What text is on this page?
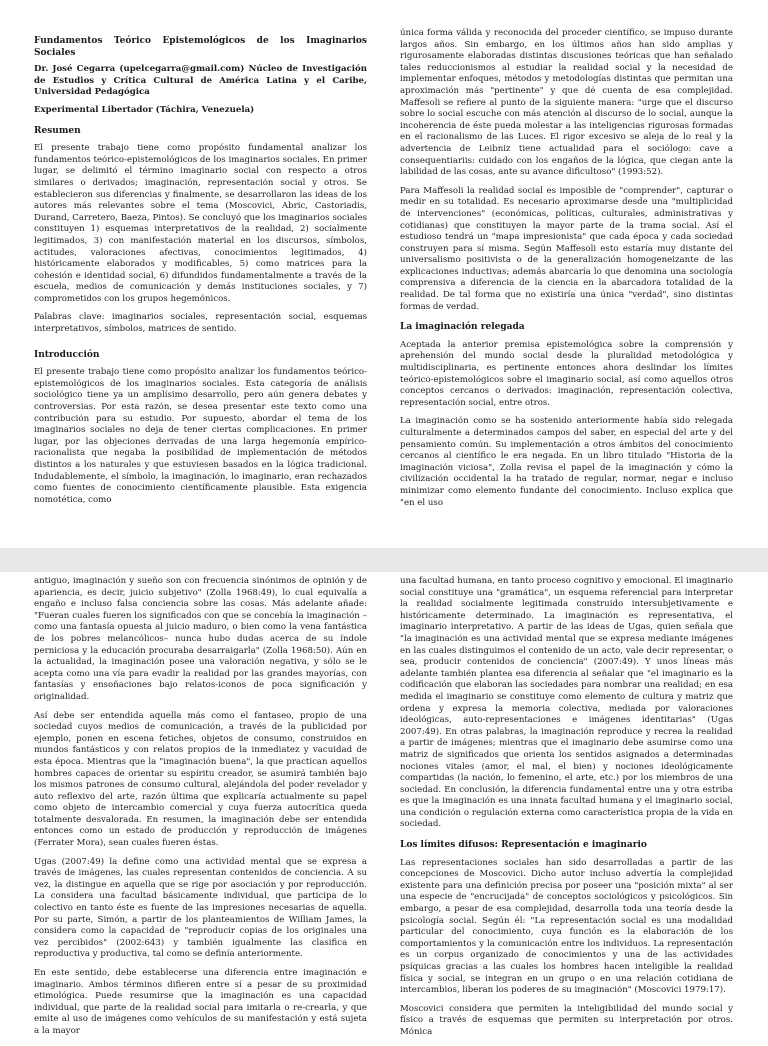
Fundamentos Teórico Epistemológicos de los Imaginarios Sociales

Dr. José Cegarra (upelcegarra@gmail.com) Núcleo de Investigación de Estudios y Crítica Cultural de América Latina y el Caribe, Universidad Pedagógica

Experimental Libertador (Táchira, Venezuela)

Resumen

El presente trabajo tiene como propósito fundamental analizar los fundamentos teórico-epistemológicos de los imaginarios sociales. En primer lugar, se delimitó el término imaginario social con respecto a otros similares o derivados; imaginación, representación social y otros. Se establecieron sus diferencias y finalmente, se desarrollaron las ideas de los autores más relevantes sobre el tema (Moscovici, Abric, Castoriadis, Durand, Carretero, Baeza, Pintos). Se concluyó que los imaginarios sociales constituyen 1) esquemas interpretativos de la realidad, 2) socialmente legitimados, 3) con manifestación material en los discursos, símbolos, actitudes, valoraciones afectivas, conocimientos legitimados, 4) históricamente elaborados y modificables, 5) como matrices para la cohesión e identidad social, 6) difundidos fundamentalmente a través de la escuela, medios de comunicación y demás instituciones sociales, y 7) comprometidos con los grupos hegemónicos.

Palabras clave: imaginarios sociales, representación social, esquemas interpretativos, símbolos, matrices de sentido.

Introducción

El presente trabajo tiene como propósito analizar los fundamentos teórico-epistemológicos de los imaginarios sociales. Esta categoría de análisis sociológico tiene ya un amplísimo desarrollo, pero aún genera debates y controversias. Por esta razón, se desea presentar este texto como una contribución para su estudio. Por supuesto, abordar el tema de los imaginarios sociales no deja de tener ciertas complicaciones. En primer lugar, por las objeciones derivadas de una larga hegemonía empírico-racionalista que negaba la posibilidad de implementación de métodos distintos a los naturales y que estuviesen basados en la lógica tradicional. Indudablemente, el símbolo, la imaginación, lo imaginario, eran rechazados como fuentes de conocimiento científicamente plausible. Esta exigencia nomotética, como

única forma válida y reconocida del proceder científico, se impuso durante largos años. Sin embargo, en los últimos años han sido amplias y rigurosamente elaboradas distintas discusiones teóricas que han señalado tales reduccionismos al estudiar la realidad social y la necesidad de implementar enfoques, métodos y metodologías distintas que permitan una aproximación más "pertinente" y que dé cuenta de esa complejidad. Maffesoli se refiere al punto de la siguiente manera: "urge que el discurso sobre lo social escuche con más atención al discurso de lo social, aunque la incoherencia de éste pueda molestar a las inteligencias rigurosas formadas en el racionalismo de las Luces. El rigor excesivo se aleja de lo real y la advertencia de Leibniz tiene actualidad para el sociólogo: cave a consequentiariis: cuidado con los engaños de la lógica, que ciegan ante la labilidad de las cosas, ante su avance dificultoso" (1993:52).

Para Maffesoli la realidad social es imposible de "comprender", capturar o medir en su totalidad. Es necesario aproximarse desde una "multiplicidad de intervenciones" (económicas, políticas, culturales, administrativas y cotidianas) que constituyen la mayor parte de la trama social. Así el estudioso tendrá un "mapa impresionista" que cada época y cada sociedad construyen para sí misma. Según Maffesoli esto estaría muy distante del universalismo positivista o de la generalización homogeneizante de las explicaciones inductivas; además abarcaría lo que denomina una sociología comprensiva a diferencia de la ciencia en la abarcadora totalidad de la realidad. De tal forma que no existiría una única "verdad", sino distintas formas de verdad.

La imaginación relegada

Aceptada la anterior premisa epistemológica sobre la comprensión y aprehensión del mundo social desde la pluralidad metodológica y multidisciplinaria, es pertinente entonces ahora deslindar los límites teórico-epistemológicos sobre el imaginario social, así como aquellos otros conceptos cercanos o derivados: imaginación, representación colectiva, representación social, entre otros.

La imaginación como se ha sostenido anteriormente había sido relegada culturalmente a determinados campos del saber, en especial del arte y del pensamiento común. Su implementación a otros ámbitos del conocimiento cercanos al científico le era negada. En un libro titulado "Historia de la imaginación viciosa", Zolla revisa el papel de la imaginación y cómo la civilización occidental la ha tratado de regular, normar, negar e incluso minimizar como elemento fundante del conocimiento. Incluso explica que "en el uso

antiguo, imaginación y sueño son con frecuencia sinónimos de opinión y de apariencia, es decir, juicio subjetivo" (Zolla 1968:49), lo cual equivalía a engaño e incluso falsa conciencia sobre las cosas. Más adelante añade: "Fueran cuales fueren los significados con que se concebía la imaginación – como una fantasía opuesta al juicio maduro, o bien como la vena fantástica de los pobres melancólicos– nunca hubo dudas acerca de su índole perniciosa y la educación procuraba desarraigarla" (Zolla 1968:50). Aún en la actualidad, la imaginación posee una valoración negativa, y sólo se le acepta como una vía para evadir la realidad por las grandes mayorías, con fantasías y ensoñaciones bajo relatos-iconos de poca significación y originalidad.

Así debe ser entendida aquella más como el fantaseo, propio de una sociedad cuyos medios de comunicación, a través de la publicidad por ejemplo, ponen en escena fetiches, objetos de consumo, construidos en mundos fantásticos y con relatos propios de la inmediatez y vacuidad de esta época. Mientras que la "imaginación buena", la que practican aquellos hombres capaces de orientar su espíritu creador, se asumirá también bajo los mismos patrones de consumo cultural, alejándola del poder revelador y auto reflexivo del arte, razón última que explicaría actualmente su papel como objeto de intercambio comercial y cuya fuerza autocrítica queda totalmente desvalorada. En resumen, la imaginación debe ser entendida entonces como un estado de producción y reproducción de imágenes (Ferrater Mora), sean cuales fueren éstas.

Ugas (2007:49) la define como una actividad mental que se expresa a través de imágenes, las cuales representan contenidos de conciencia. A su vez, la distingue en aquella que se rige por asociación y por reproducción. La considera una facultad básicamente individual, que participa de lo colectivo en tanto éste es fuente de las impresiones necesarias de aquella. Por su parte, Simón, a partir de los planteamientos de William James, la considera como la capacidad de "reproducir copias de los originales una vez percibidos" (2002:643) y también igualmente las clasifica en reproductiva y productiva, tal como se definía anteriormente.

En este sentido, debe establecerse una diferencia entre imaginación e imaginario. Ambos términos difieren entre sí a pesar de su proximidad etimológica. Puede resumirse que la imaginación es una capacidad individual, que parte de la realidad social para imitarla o re-crearla, y que emite al uso de imágenes como vehículos de su manifestación y está sujeta a la mayor

una facultad humana, en tanto proceso cognitivo y emocional. El imaginario social constituye una "gramática", un esquema referencial para interpretar la realidad socialmente legitimada construido intersubjetivamente e históricamente determinado. La imaginación es representativa, el imaginario interpretativo. A partir de las ideas de Ugas, quien señala que "la imaginación es una actividad mental que se expresa mediante imágenes en las cuales distinguimos el contenido de un acto, vale decir representar, o sea, producir contenidos de conciencia" (2007:49). Y unos líneas más adelante también plantea esa diferencia al señalar que "el imaginario es la codificación que elaboran las sociedades para nombrar una realidad; en esa medida el imaginario se constituye como elemento de cultura y matriz que ordena y expresa la memoria colectiva, mediada por valoraciones ideológicas, auto-representaciones e imágenes identitarias" (Ugas 2007:49). En otras palabras, la imaginación reproduce y recrea la realidad a partir de imágenes; mientras que el imaginario debe asumirse como una matriz de significados que orienta los sentidos asignados a determinadas nociones vitales (amor, el mal, el bien) y nociones ideológicamente compartidas (la nación, lo femenino, el arte, etc.) por los miembros de una sociedad. En conclusión, la diferencia fundamental entre una y otra estriba es que la imaginación es una innata facultad humana y el imaginario social, una condición o regulación externa como característica propia de la vida en sociedad.

Los límites difusos: Representación e imaginario

Las representaciones sociales han sido desarrolladas a partir de las concepciones de Moscovici. Dicho autor incluso advertía la complejidad existente para una definición precisa por poseer una "posición mixta" al ser una especie de "encrucijada" de conceptos sociológicos y psicológicos. Sin embargo, a pesar de esa complejidad, desarrolla toda una teoría desde la psicología social. Según él: "La representación social es una modalidad particular del conocimiento, cuya función es la elaboración de los comportamientos y la comunicación entre los individuos. La representación es un corpus organizado de conocimientos y una de las actividades psíquicas gracias a las cuales los hombres hacen inteligible la realidad física y social, se integran en un grupo o en una relación cotidiana de intercambios, liberan los poderes de su imaginación" (Moscovici 1979:17).

Moscovici considera que permiten la inteligibilidad del mundo social y físico a través de esquemas que permiten su interpretación por otros. Mónica
